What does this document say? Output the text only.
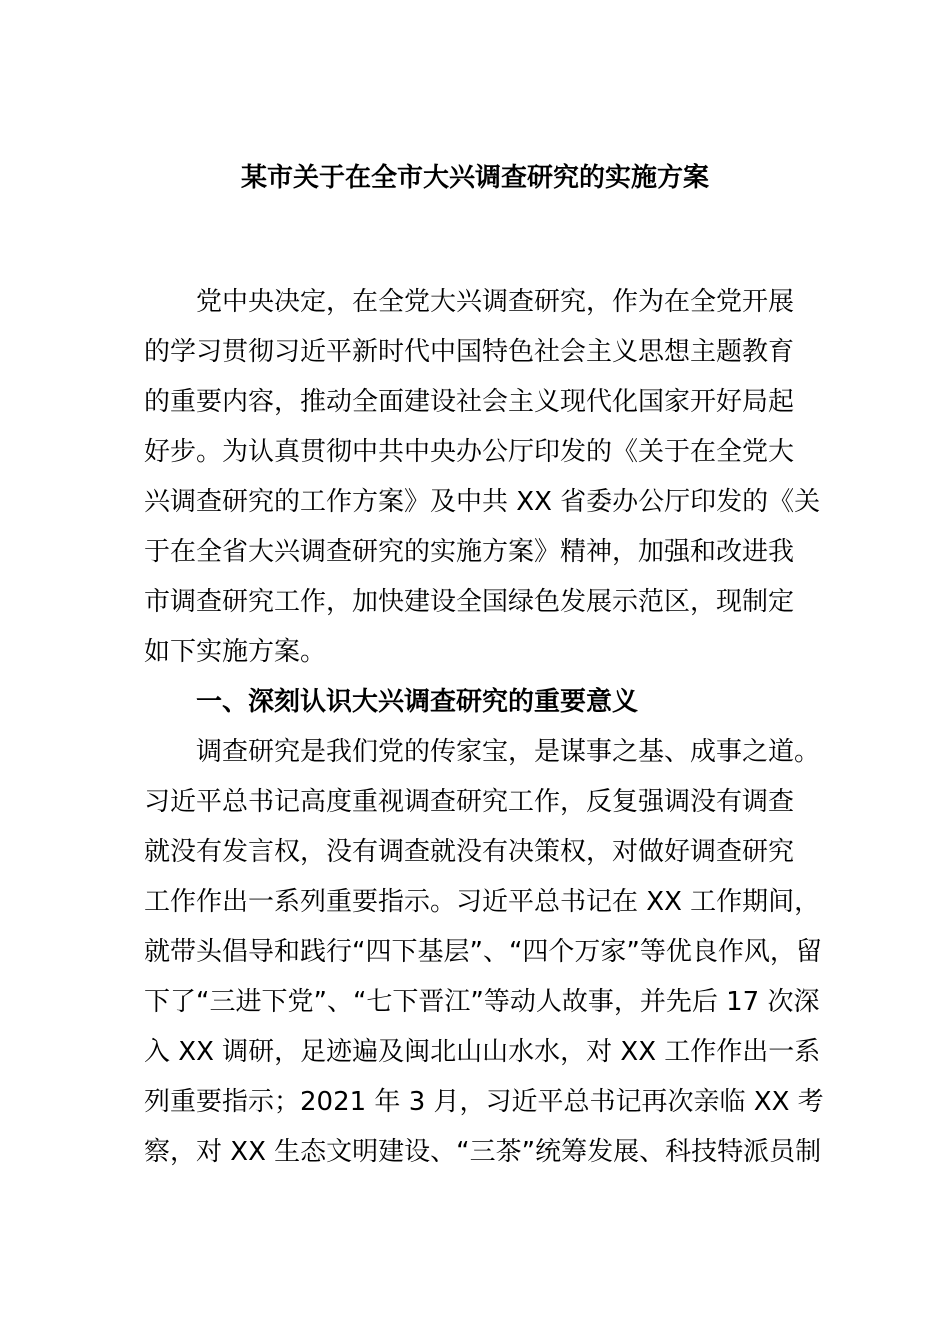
某市关于在全市大兴调查研究的实施方案
党中央决定，在全党大兴调查研究，作为在全党开展
的学习贯彻习近平新时代中国特色社会主义思想主题教育
的重要内容，推动全面建设社会主义现代化国家开好局起
好步。为认真贯彻中共中央办公厅印发的《关于在全党大
兴调查研究的工作方案》及中共 XX 省委办公厅印发的《关
于在全省大兴调查研究的实施方案》精神，加强和改进我
市调查研究工作，加快建设全国绿色发展示范区，现制定
如下实施方案。
一、深刻认识大兴调查研究的重要意义
调查研究是我们党的传家宝，是谋事之基、成事之道。
习近平总书记高度重视调查研究工作，反复强调没有调查
就没有发言权，没有调查就没有决策权，对做好调查研究
工作作出一系列重要指示。习近平总书记在 XX 工作期间，
就带头倡导和践行“四下基层”、“四个万家”等优良作风，留
下了“三进下党”、“七下晋江”等动人故事，并先后 17 次深
入 XX 调研，足迹遍及闽北山山水水，对 XX 工作作出一系
列重要指示；2021 年 3 月，习近平总书记再次亲临 XX 考
察，对 XX 生态文明建设、“三茶”统筹发展、科技特派员制
